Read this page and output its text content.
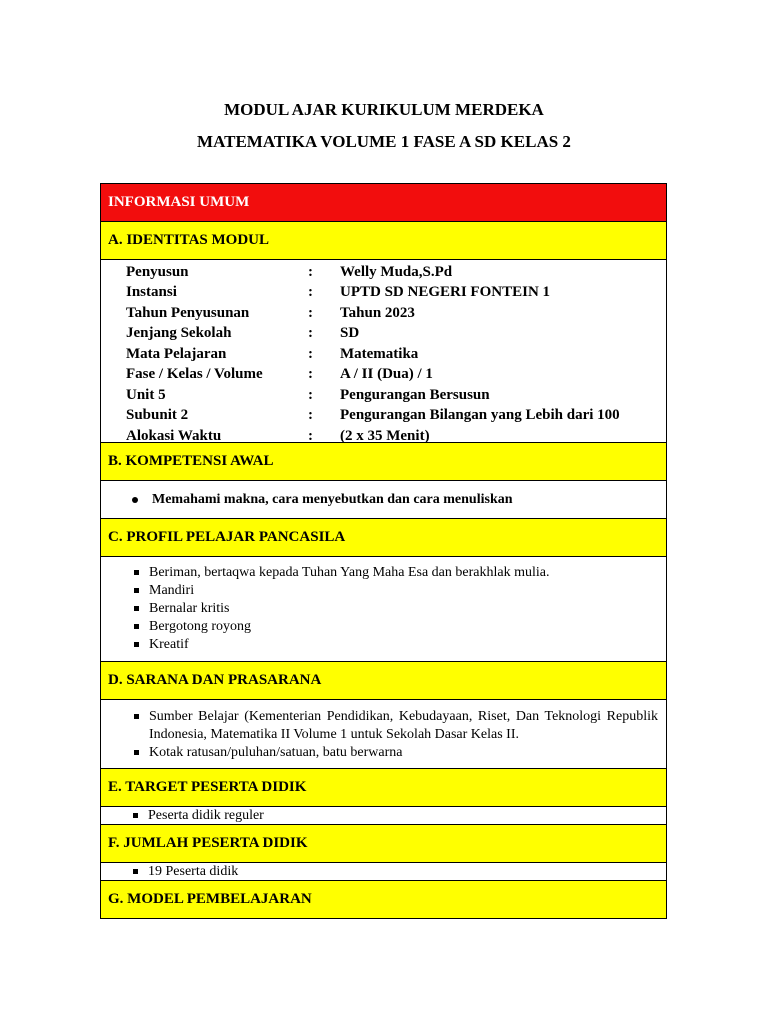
MODUL AJAR KURIKULUM MERDEKA
MATEMATIKA VOLUME 1 FASE A SD KELAS 2
INFORMASI UMUM
A. IDENTITAS MODUL
Penyusun	:	Welly Muda,S.Pd
Instansi	:	UPTD SD NEGERI FONTEIN 1
Tahun Penyusunan	:	Tahun 2023
Jenjang Sekolah	:	SD
Mata Pelajaran	:	Matematika
Fase / Kelas / Volume	:	A / II (Dua) / 1
Unit 5	:	Pengurangan Bersusun
Subunit 2	:	Pengurangan Bilangan yang Lebih dari 100
Alokasi Waktu	:	(2 x 35 Menit)
B. KOMPETENSI AWAL
Memahami makna, cara menyebutkan dan cara menuliskan
C. PROFIL PELAJAR PANCASILA
Beriman, bertaqwa kepada Tuhan Yang Maha Esa dan berakhlak mulia.
Mandiri
Bernalar kritis
Bergotong royong
Kreatif
D. SARANA DAN PRASARANA
Sumber Belajar (Kementerian Pendidikan, Kebudayaan, Riset, Dan Teknologi Republik Indonesia, Matematika II Volume 1 untuk Sekolah Dasar Kelas II.
Kotak ratusan/puluhan/satuan, batu berwarna
E. TARGET PESERTA DIDIK
Peserta didik reguler
F. JUMLAH PESERTA DIDIK
19 Peserta didik
G. MODEL PEMBELAJARAN
